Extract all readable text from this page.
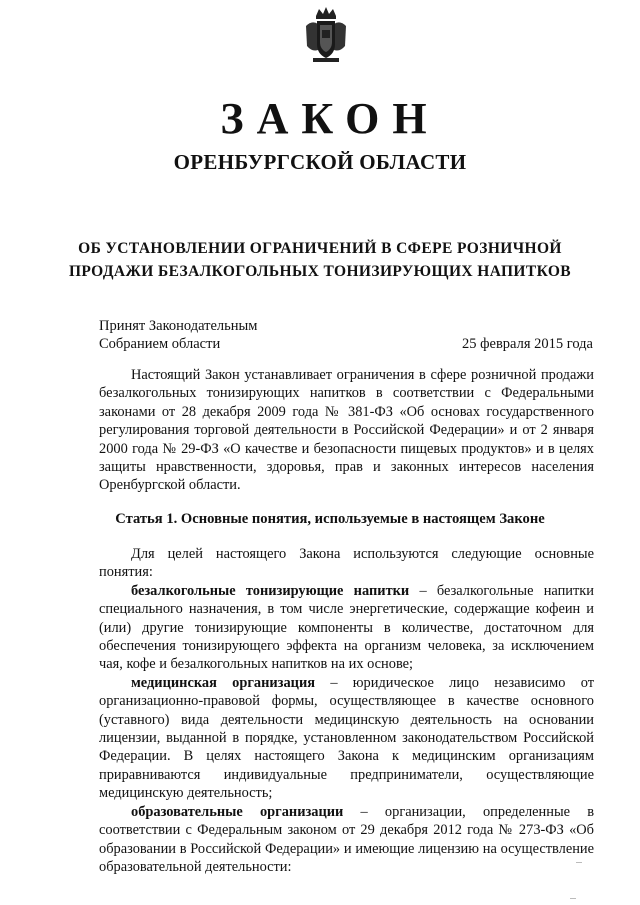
ЗАКОН
ОРЕНБУРГСКОЙ ОБЛАСТИ
ОБ УСТАНОВЛЕНИИ ОГРАНИЧЕНИЙ В СФЕРЕ РОЗНИЧНОЙ
ПРОДАЖИ БЕЗАЛКОГОЛЬНЫХ ТОНИЗИРУЮЩИХ НАПИТКОВ
Принят Законодательным
Собранием области	25 февраля 2015 года

Настоящий Закон устанавливает ограничения в сфере розничной продажи безалкогольных тонизирующих напитков в соответствии с Федеральными законами от 28 декабря 2009 года № 381-ФЗ «Об основах государственного регулирования торговой деятельности в Российской Федерации» и от 2 января 2000 года № 29-ФЗ «О качестве и безопасности пищевых продуктов» и в целях защиты нравственности, здоровья, прав и законных интересов населения Оренбургской области.

Статья 1. Основные понятия, используемые в настоящем Законе

Для целей настоящего Закона используются следующие основные понятия:

безалкогольные тонизирующие напитки – безалкогольные напитки специального назначения, в том числе энергетические, содержащие кофеин и (или) другие тонизирующие компоненты в количестве, достаточном для обеспечения тонизирующего эффекта на организм человека, за исключением чая, кофе и безалкогольных напитков на их основе;

медицинская организация – юридическое лицо независимо от организационно-правовой формы, осуществляющее в качестве основного (уставного) вида деятельности медицинскую деятельность на основании лицензии, выданной в порядке, установленном законодательством Российской Федерации. В целях настоящего Закона к медицинским организациям приравниваются индивидуальные предприниматели, осуществляющие медицинскую деятельность;

образовательные организации – организации, определенные в соответствии с Федеральным законом от 29 декабря 2012 года № 273-ФЗ «Об образовании в Российской Федерации» и имеющие лицензию на осуществление образовательной деятельности:
